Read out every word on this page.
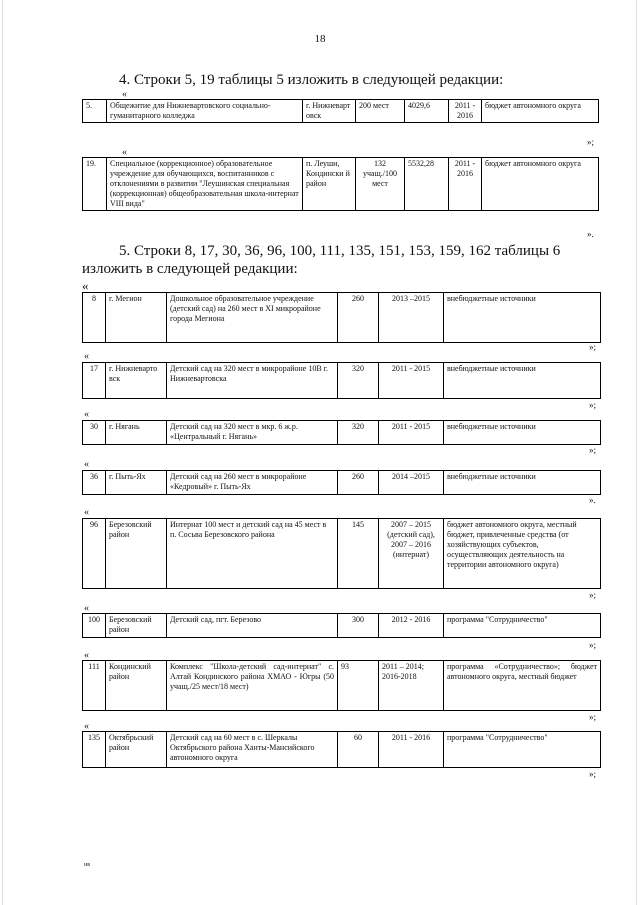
18
4. Строки 5, 19 таблицы 5 изложить в следующей редакции:
«
5.	Общежитие для Нижневартовского социально-гуманитарного колледжа	г. Нижневарт овск	200 мест	4029,6	2011 - 2016	бюджет автономного округа
»;
«
19.	Специальное (коррекционное) образовательное учреждение для обучающихся, воспитанников с отклонениями в развитии "Леушинская специальная (коррекционная) общеобразовательная школа-интернат VIII вида"	п. Леуши, Кондински й район	132 учащ./100 мест	5532,28	2011 - 2016	бюджет автономного округа
».
5. Строки 8, 17, 30, 36, 96, 100, 111, 135, 151, 153, 159, 162 таблицы 6
изложить в следующей редакции:
«
8	г. Мегион	Дошкольное образовательное учреждение (детский сад) на 260 мест в XI микрорайоне города Мегиона	260	2013 –2015	внебюджетные источники
»;
«
17	г. Нижневарто вск	Детский сад на 320 мест в микрорайоне 10В г. Нижневартовска	320	2011 - 2015	внебюджетные источники
»;
«
30	г. Нягань	Детский сад на 320 мест в мкр. 6 ж.р. «Центральный г. Нягань»	320	2011 - 2015	внебюджетные источники
»;
«
36	г. Пыть-Ях	Детский сад на 260 мест в микрорайоне «Кедровый» г. Пыть-Ях	260	2014 –2015	внебюджетные источники
».
«
96	Березовский район	Интернат 100 мест и детский сад на 45 мест в п. Сосьва Березовского района	145	2007 – 2015 (детский сад), 2007 – 2016 (интернат)	бюджет автономного округа, местный бюджет, привлеченные средства (от хозяйствующих субъектов, осуществляющих деятельность на территории автономного округа)
»;
«
100	Березовский район	Детский сад, пгт. Березово	300	2012 - 2016	программа "Сотрудничество"
»;
«
111	Кондинский район	Комплекс "Школа-детский сад-интернат" с. Алтай Кондинского района ХМАО - Югры (50 учащ./25 мест/18 мест)	93	2011 – 2014; 2016-2018	программа «Сотрудничество»; бюджет автономного округа, местный бюджет
»;
«
135	Октябрьский район	Детский сад на 60 мест в с. Шеркалы Октябрьского района Ханты-Мансийского автономного округа	60	2011 - 2016	программа "Сотрудничество"
»;
нв
